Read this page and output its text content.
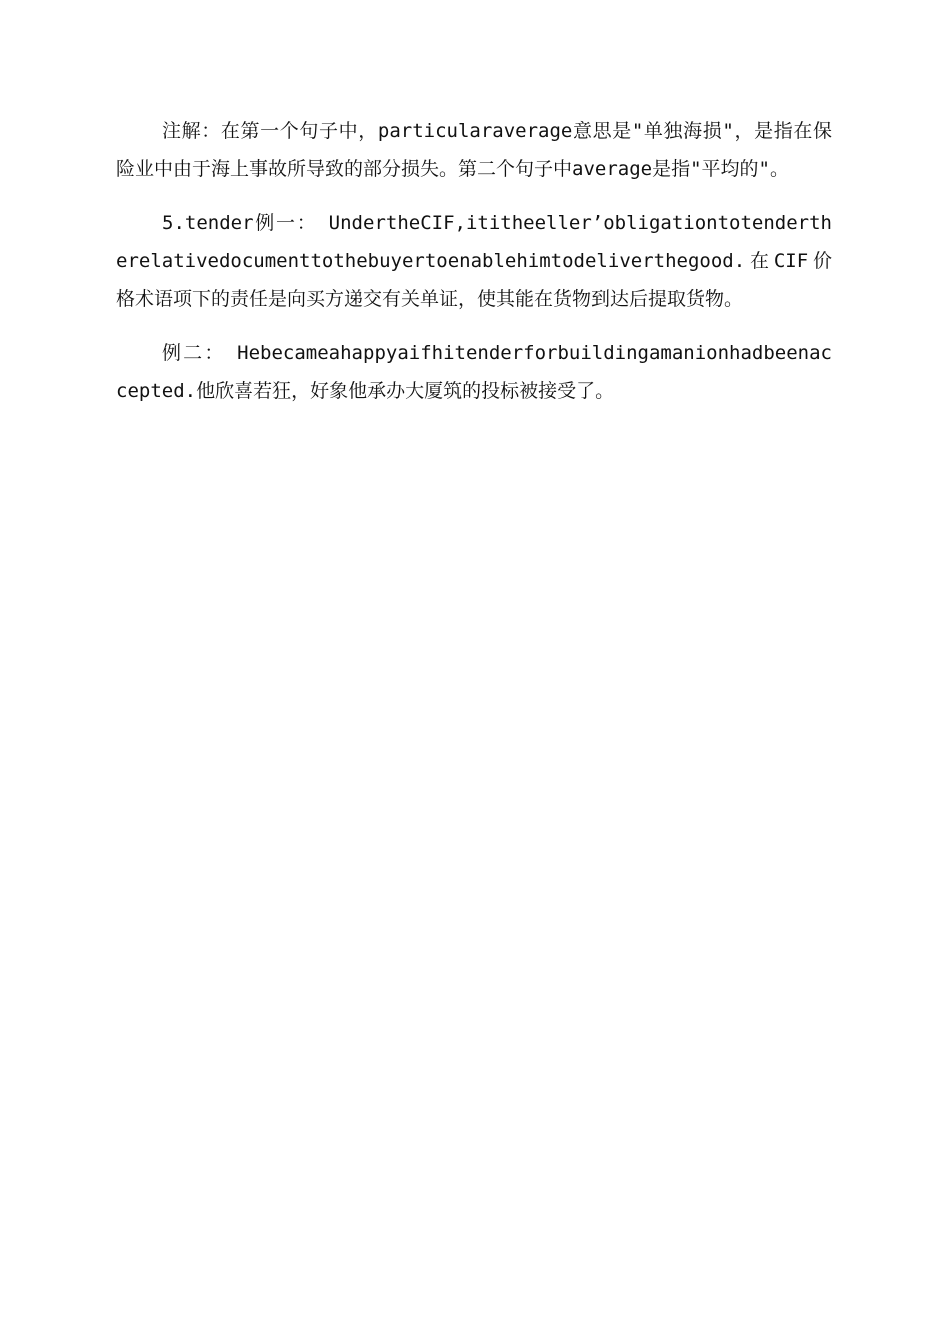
注解：在第一个句子中，particularaverage意思是"单独海损"，是指在保险业中由于海上事故所导致的部分损失。第二个句子中average是指"平均的"。

5.tender例一：　UndertheCIF,ititheeller’obligationtotendertherelativedocumenttothebuyertoenablehimtodeliverthegood.在CIF价格术语项下的责任是向买方递交有关单证，使其能在货物到达后提取货物。

例二：　Hebecameahappyaifhitenderforbuildingamanionhadbeenaccepted.他欣喜若狂，好象他承办大厦筑的投标被接受了。
